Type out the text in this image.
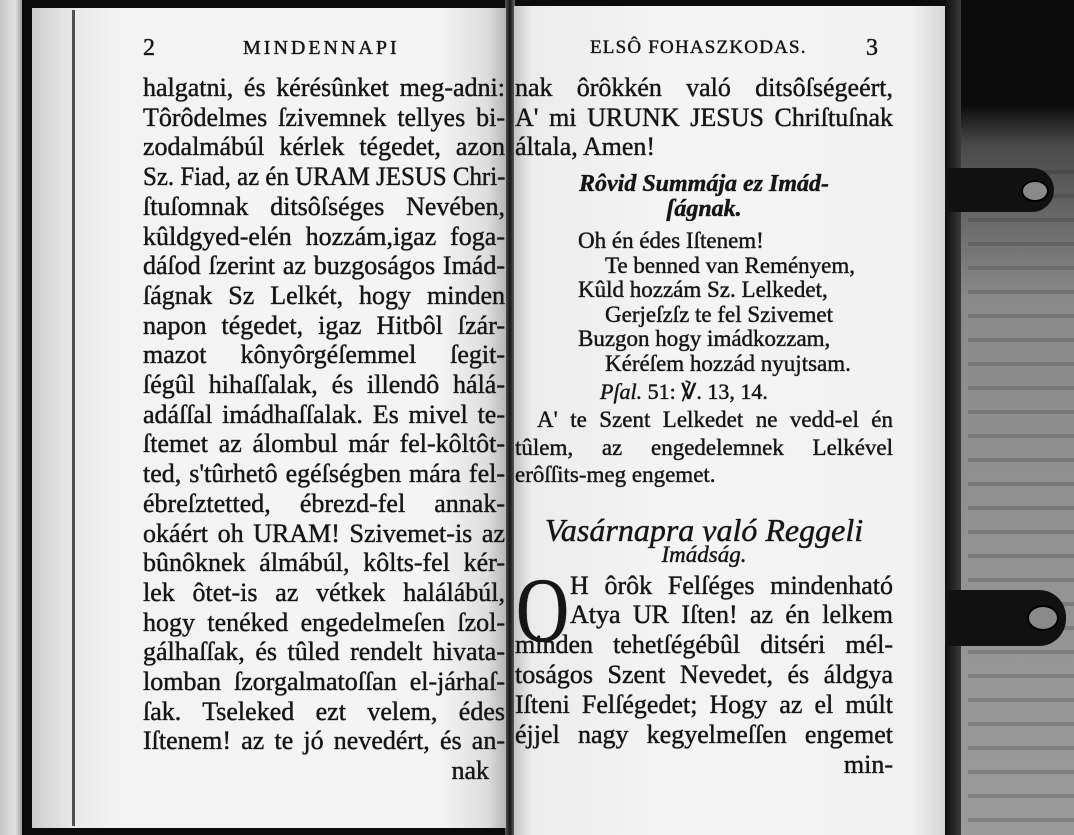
2	MINDENNAPI
halgatni, és kérésûnket meg-adni:
Tôrôdelmes ſzivemnek tellyes bi-
zodalmábúl kérlek tégedet, azon
Sz. Fiad, az én URAM JESUS Chri-
ſtuſomnak ditsôſséges Nevében,
kûldgyed-elén hozzám,igaz foga-
dáſod ſzerint az buzgoságos Imád-
ſágnak Sz Lelkét, hogy minden
napon tégedet, igaz Hitbôl ſzár-
mazot kônyôrgéſemmel ſegit-
ſégûl hihaſſalak, és illendô hálá-
adáſſal imádhaſſalak. Es mivel te-
ſtemet az álombul már fel-kôltôt-
ted, s'tûrhetô egéſségben mára fel-
ébreſztetted, ébrezd-fel annak-
okáért oh URAM! Szivemet-is az
bûnôknek álmábúl, kôlts-fel kér-
lek ôtet-is az vétkek halálábúl,
hogy tenéked engedelmeſen ſzol-
gálhaſſak, és tûled rendelt hivata-
lomban ſzorgalmatoſſan el-járhaſ-
ſak. Tseleked ezt velem, édes
Iſtenem! az te jó nevedért, és an-
nak
ELSÔ FOHASZKODAS. 3
nak ôrôkkén való ditsôſségeért,
A' mi URUNK JESUS Chriſtuſnak
általa, Amen!
Rôvid Summája ez Imád-
ſágnak.
Oh én édes Iſtenem!
Te benned van Reményem,
Kûld hozzám Sz. Lelkedet,
Gerjeſzſz te fel Szivemet
Buzgon hogy imádkozzam,
Kéréſem hozzád nyujtsam.
Pſal. 51: ℣. 13, 14.
A' te Szent Lelkedet ne vedd-el én
tûlem, az engedelemnek Lelkével
erôſſits-meg engemet.
Vasárnapra való Reggeli
Imádság.
O H ôrôk Felſéges mindenható
Atya UR Iſten! az én lelkem
minden tehetſégébûl ditséri mél-
toságos Szent Nevedet, és áldgya
Iſteni Felſégedet; Hogy az el múlt
éjjel nagy kegyelmeſſen engemet
min-
